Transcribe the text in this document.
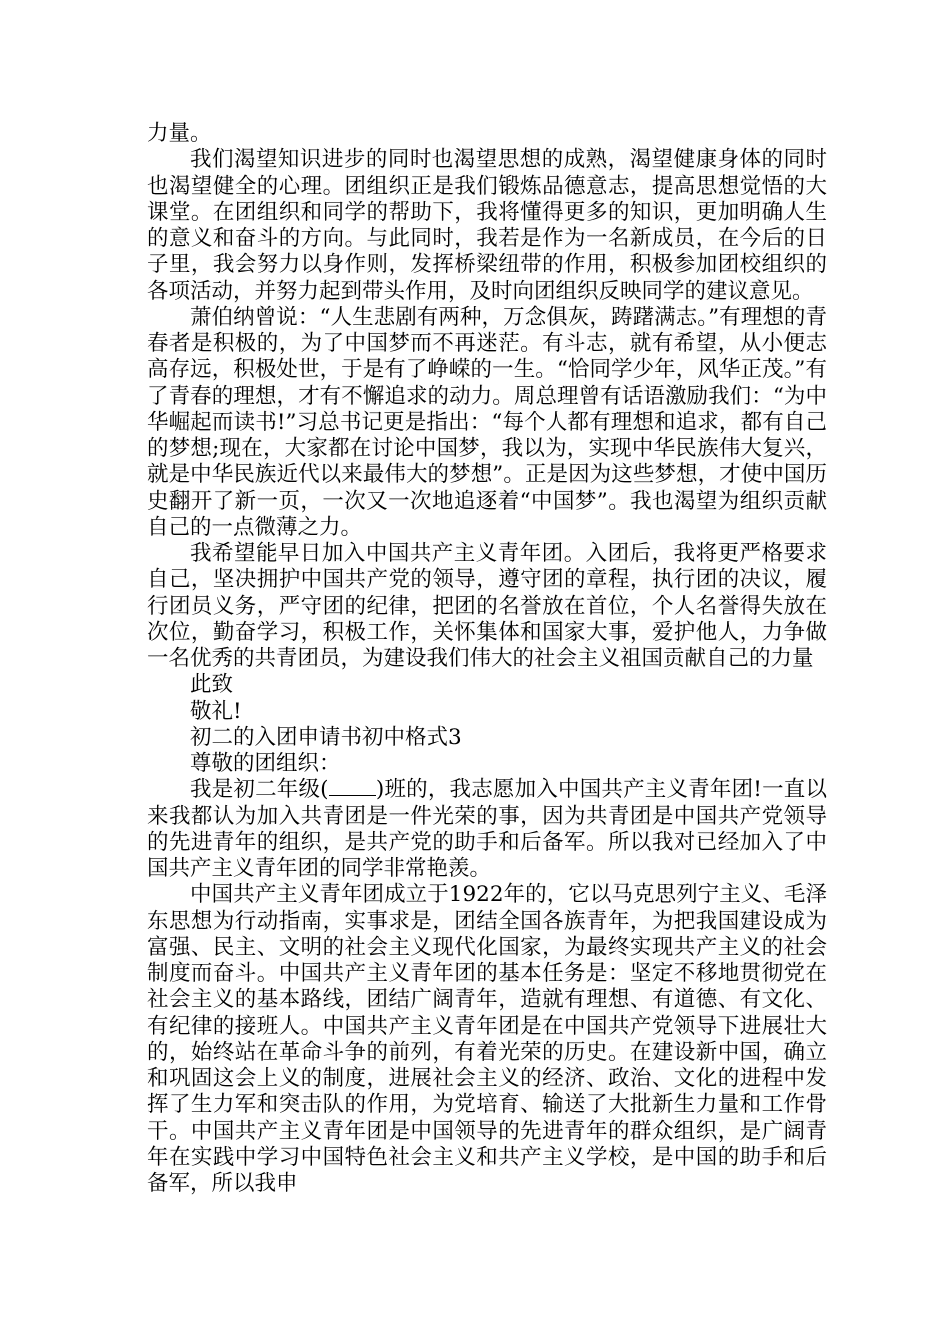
力量。

我们渴望知识进步的同时也渴望思想的成熟，渴望健康身体的同时也渴望健全的心理。团组织正是我们锻炼品德意志，提高思想觉悟的大课堂。在团组织和同学的帮助下，我将懂得更多的知识，更加明确人生的意义和奋斗的方向。与此同时，我若是作为一名新成员，在今后的日子里，我会努力以身作则，发挥桥梁纽带的作用，积极参加团校组织的各项活动，并努力起到带头作用，及时向团组织反映同学的建议意见。

萧伯纳曾说：“人生悲剧有两种，万念俱灰，踌躇满志。”有理想的青春者是积极的，为了中国梦而不再迷茫。有斗志，就有希望，从小便志高存远，积极处世，于是有了峥嵘的一生。“恰同学少年，风华正茂。”有了青春的理想，才有不懈追求的动力。周总理曾有话语激励我们：“为中华崛起而读书!”习总书记更是指出：“每个人都有理想和追求，都有自己的梦想;现在，大家都在讨论中国梦，我以为，实现中华民族伟大复兴，就是中华民族近代以来最伟大的梦想”。正是因为这些梦想，才使中国历史翻开了新一页，一次又一次地追逐着“中国梦”。我也渴望为组织贡献自己的一点微薄之力。

我希望能早日加入中国共产主义青年团。入团后，我将更严格要求自己，坚决拥护中国共产党的领导，遵守团的章程，执行团的决议，履行团员义务，严守团的纪律，把团的名誉放在首位，个人名誉得失放在次位，勤奋学习，积极工作，关怀集体和国家大事，爱护他人，力争做一名优秀的共青团员，为建设我们伟大的社会主义祖国贡献自己的力量

此致

敬礼!

初二的入团申请书初中格式3

尊敬的团组织：

我是初二年级( )班的，我志愿加入中国共产主义青年团!一直以来我都认为加入共青团是一件光荣的事，因为共青团是中国共产党领导的先进青年的组织，是共产党的助手和后备军。所以我对已经加入了中国共产主义青年团的同学非常艳羡。

中国共产主义青年团成立于1922年的，它以马克思列宁主义、毛泽东思想为行动指南，实事求是，团结全国各族青年，为把我国建设成为富强、民主、文明的社会主义现代化国家，为最终实现共产主义的社会制度而奋斗。中国共产主义青年团的基本任务是：坚定不移地贯彻党在社会主义的基本路线，团结广阔青年，造就有理想、有道德、有文化、有纪律的接班人。中国共产主义青年团是在中国共产党领导下进展壮大的，始终站在革命斗争的前列，有着光荣的历史。在建设新中国，确立和巩固这会上义的制度，进展社会主义的经济、政治、文化的进程中发挥了生力军和突击队的作用，为党培育、输送了大批新生力量和工作骨干。中国共产主义青年团是中国领导的先进青年的群众组织，是广阔青年在实践中学习中国特色社会主义和共产主义学校，是中国的助手和后备军，所以我申
